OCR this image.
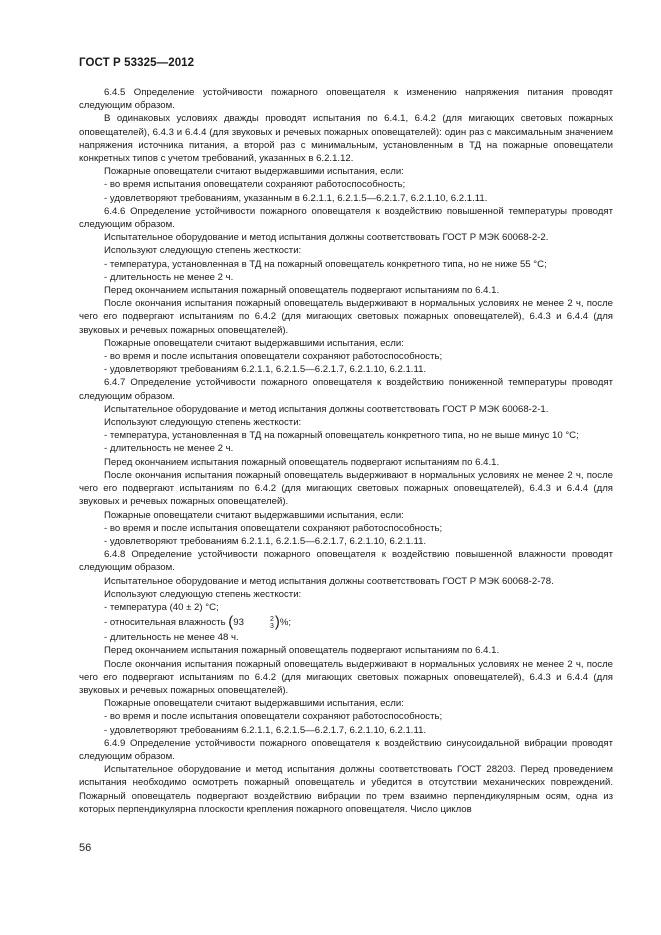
ГОСТ Р 53325—2012

6.4.5 Определение устойчивости пожарного оповещателя к изменению напряжения питания проводят следующим образом.

В одинаковых условиях дважды проводят испытания по 6.4.1, 6.4.2 (для мигающих световых пожарных оповещателей), 6.4.3 и 6.4.4 (для звуковых и речевых пожарных оповещателей): один раз с максимальным значением напряжения источника питания, а второй раз с минимальным, установленным в ТД на пожарные оповещатели конкретных типов с учетом требований, указанных в 6.2.1.12.

Пожарные оповещатели считают выдержавшими испытания, если:

- во время испытания оповещатели сохраняют работоспособность;

- удовлетворяют требованиям, указанным в 6.2.1.1, 6.2.1.5—6.2.1.7, 6.2.1.10, 6.2.1.11.

6.4.6 Определение устойчивости пожарного оповещателя к воздействию повышенной температуры проводят следующим образом.

Испытательное оборудование и метод испытания должны соответствовать ГОСТ Р МЭК 60068-2-2.

Используют следующую степень жесткости:

- температура, установленная в ТД на пожарный оповещатель конкретного типа, но не ниже 55 °С;

- длительность не менее 2 ч.

Перед окончанием испытания пожарный оповещатель подвергают испытаниям по 6.4.1.

После окончания испытания пожарный оповещатель выдерживают в нормальных условиях не менее 2 ч, после чего его подвергают испытаниям по 6.4.2 (для мигающих световых пожарных оповещателей), 6.4.3 и 6.4.4 (для звуковых и речевых пожарных оповещателей).

Пожарные оповещатели считают выдержавшими испытания, если:

- во время и после испытания оповещатели сохраняют работоспособность;

- удовлетворяют требованиям 6.2.1.1, 6.2.1.5—6.2.1.7, 6.2.1.10, 6.2.1.11.

6.4.7 Определение устойчивости пожарного оповещателя к воздействию пониженной температуры проводят следующим образом.

Испытательное оборудование и метод испытания должны соответствовать ГОСТ Р МЭК 60068-2-1.

Используют следующую степень жесткости:

- температура, установленная в ТД на пожарный оповещатель конкретного типа, но не выше минус 10 °С;

- длительность не менее 2 ч.

Перед окончанием испытания пожарный оповещатель подвергают испытаниям по 6.4.1.

После окончания испытания пожарный оповещатель выдерживают в нормальных условиях не менее 2 ч, после чего его подвергают испытаниям по 6.4.2 (для мигающих световых пожарных оповещателей), 6.4.3 и 6.4.4 (для звуковых и речевых пожарных оповещателей).

Пожарные оповещатели считают выдержавшими испытания, если:

- во время и после испытания оповещатели сохраняют работоспособность;

- удовлетворяют требованиям 6.2.1.1, 6.2.1.5—6.2.1.7, 6.2.1.10, 6.2.1.11.

6.4.8 Определение устойчивости пожарного оповещателя к воздействию повышенной влажности проводят следующим образом.

Испытательное оборудование и метод испытания должны соответствовать ГОСТ Р МЭК 60068-2-78.

Используют следующую степень жесткости:

- температура (40 ± 2) °С;

- относительная влажность (93	2
3 )%;

- длительность не менее 48 ч.

Перед окончанием испытания пожарный оповещатель подвергают испытаниям по 6.4.1.

После окончания испытания пожарный оповещатель выдерживают в нормальных условиях не менее 2 ч, после чего его подвергают испытаниям по 6.4.2 (для мигающих световых пожарных оповещателей), 6.4.3 и 6.4.4 (для звуковых и речевых пожарных оповещателей).

Пожарные оповещатели считают выдержавшими испытания, если:

- во время и после испытания оповещатели сохраняют работоспособность;

- удовлетворяют требованиям 6.2.1.1, 6.2.1.5—6.2.1.7, 6.2.1.10, 6.2.1.11.

6.4.9 Определение устойчивости пожарного оповещателя к воздействию синусоидальной вибрации проводят следующим образом.

Испытательное оборудование и метод испытания должны соответствовать ГОСТ 28203. Перед проведением испытания необходимо осмотреть пожарный оповещатель и убедится в отсутствии механических повреждений. Пожарный оповещатель подвергают воздействию вибрации по трем взаимно перпендикулярным осям, одна из которых перпендикулярна плоскости крепления пожарного оповещателя. Число циклов

56
